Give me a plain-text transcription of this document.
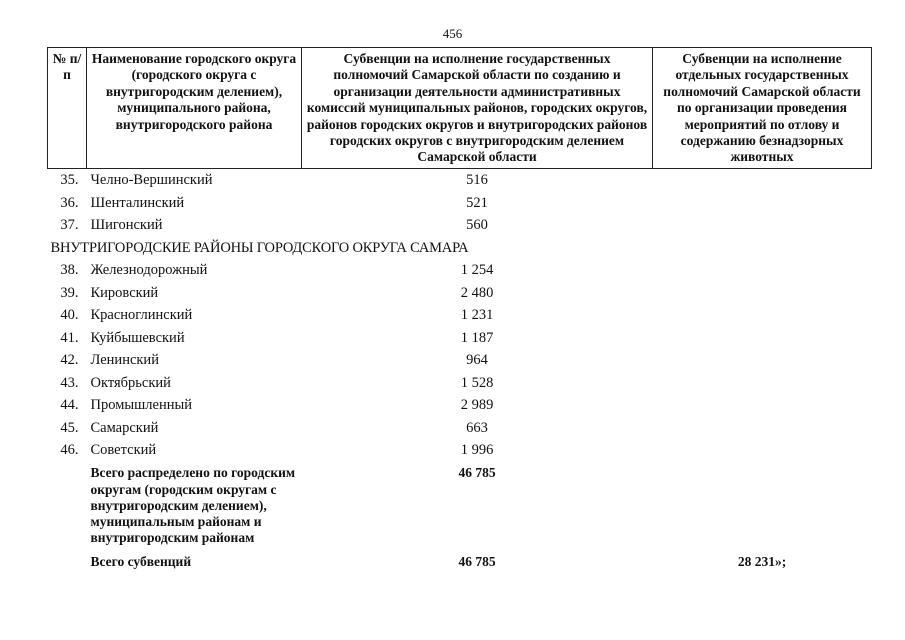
456
№ п/п	Наименование городского округа (городского округа с внутригородским делением), муниципального района, внутригородского района	Субвенции на исполнение государственных полномочий Самарской области по созданию и организации деятельности административных комиссий муниципальных районов, городских округов, районов городских округов и внутригородских районов городских округов с внутригородским делением Самарской области	Субвенции на исполнение отдельных государственных полномочий Самарской области по организации проведения мероприятий по отлову и содержанию безнадзорных животных
35.	Челно-Вершинский	516	
36.	Шенталинский	521	
37.	Шигонский	560	
ВНУТРИГОРОДСКИЕ РАЙОНЫ ГОРОДСКОГО ОКРУГА САМАРА			
38.	Железнодорожный	1 254	
39.	Кировский	2 480	
40.	Красноглинский	1 231	
41.	Куйбышевский	1 187	
42.	Ленинский	964	
43.	Октябрьский	1 528	
44.	Промышленный	2 989	
45.	Самарский	663	
46.	Советский	1 996	
	Всего распределено по городским округам (городским округам с внутригородским делением), муниципальным районам и внутригородским районам	46 785	
	Всего субвенций	46 785	28 231»;
